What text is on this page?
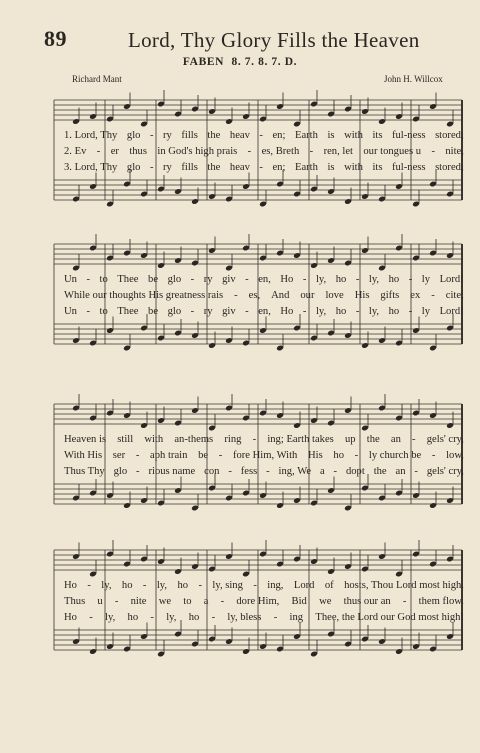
89	Lord, Thy Glory Fills the Heaven
FABEN 8. 7. 8. 7. D.
Richard Mant	John H. Willcox
1. Lord, Thy glo - ry fills the heav - en; Earth is with its ful-ness stored;
2. Ev - er thus in God's high prais - es, Breth - ren, let our tongues u - nite,
3. Lord, Thy glo - ry fills the heav - en; Earth is with its ful-ness stored;
Un - to Thee be glo - ry giv - en, Ho - ly, ho - ly, ho - ly Lord!
While our thoughts His greatness rais - es, And our love His gifts ex - cite;
Un - to Thee be glo - ry giv - en, Ho - ly, ho - ly, ho - ly Lord!
Heaven is still with an-thems ring - ing; Earth takes up the an - gels' cry,
With His ser - aph train be - fore Him, With His ho - ly church be - low,
Thus Thy glo - rious name con - fess - ing, We a - dopt the an - gels' cry,
Ho - ly, ho - ly, ho - ly, sing - ing, Lord of hosts, Thou Lord most high.
Thus u - nite we to a - dore Him, Bid we thus our an - them flow.
Ho - ly, ho - ly, ho - ly, bless - ing Thee, the Lord our God most high!
